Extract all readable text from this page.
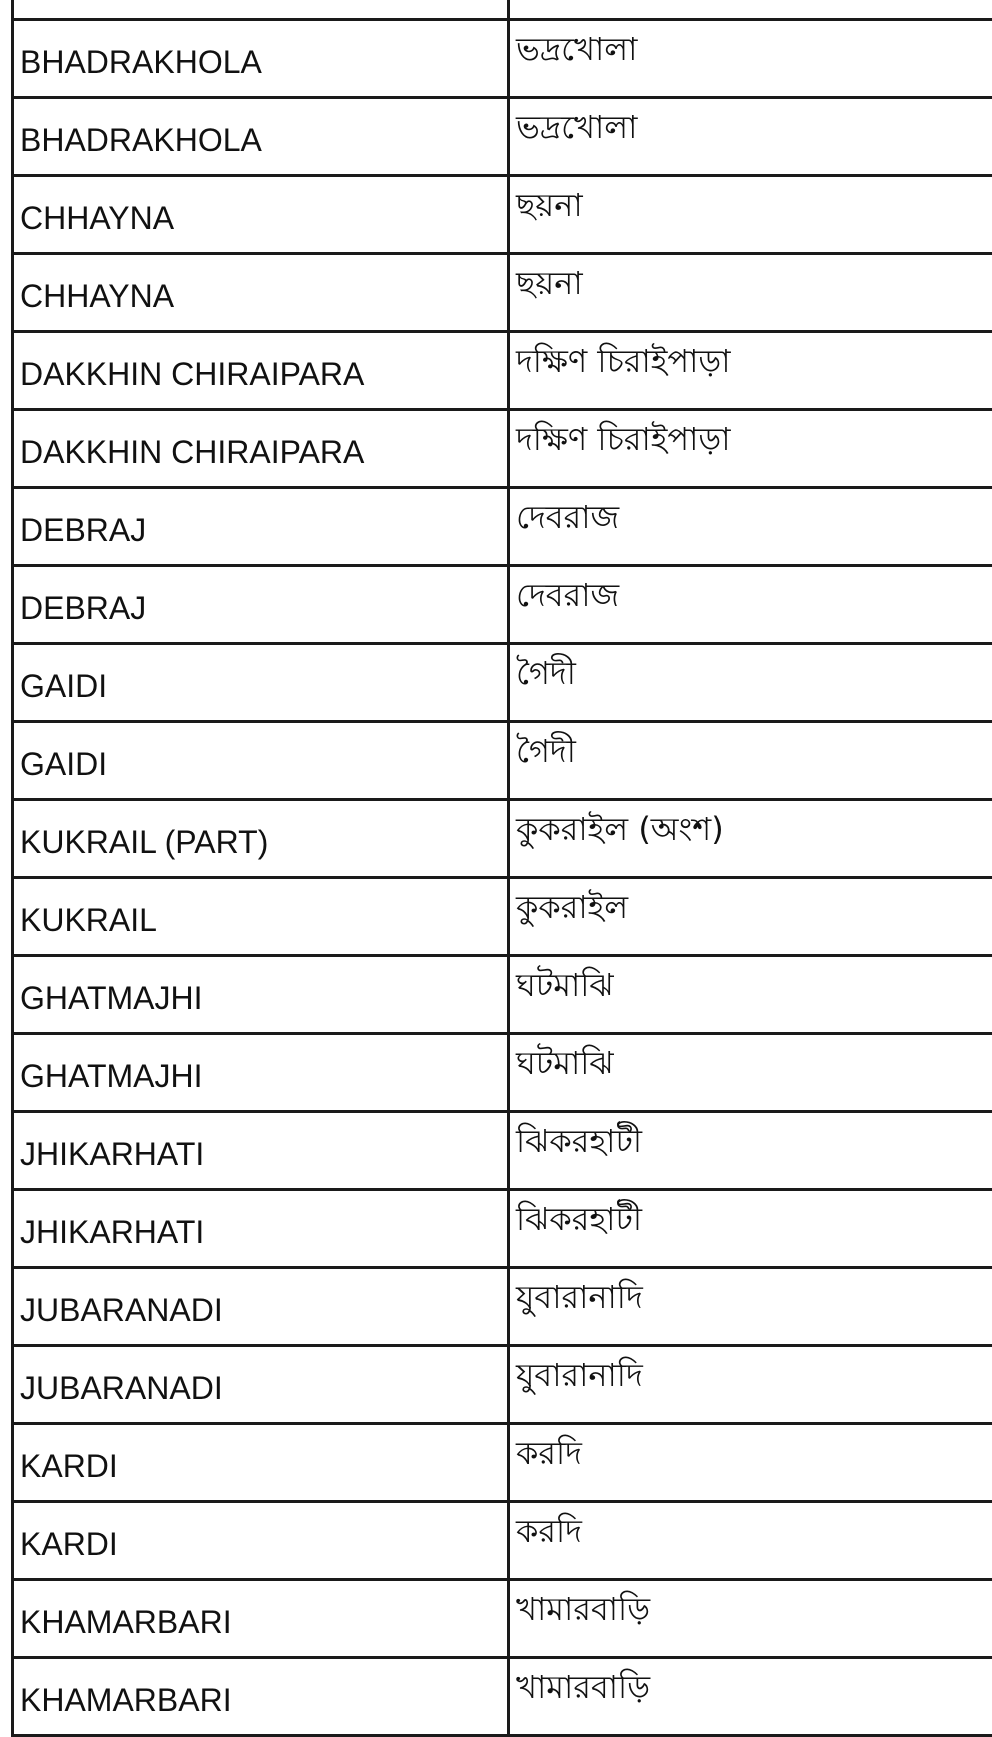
BHADRAKHOLA	ভদ্রখোলা	
BHADRAKHOLA	ভদ্রখোলা	
CHHAYNA	ছয়না	
CHHAYNA	ছয়না	
DAKKHIN CHIRAIPARA	দক্ষিণ চিরাইপাড়া	
DAKKHIN CHIRAIPARA	দক্ষিণ চিরাইপাড়া	
DEBRAJ	দেবরাজ	
DEBRAJ	দেবরাজ	
GAIDI	গৈদী	
GAIDI	গৈদী	
KUKRAIL (PART)	কুকরাইল (অংশ)	
KUKRAIL	কুকরাইল	
GHATMAJHI	ঘটমাঝি	
GHATMAJHI	ঘটমাঝি	
JHIKARHATI	ঝিকরহাটী	
JHIKARHATI	ঝিকরহাটী	
JUBARANADI	যুবারানাদি	
JUBARANADI	যুবারানাদি	
KARDI	করদি	
KARDI	করদি	
KHAMARBARI	খামারবাড়ি	
KHAMARBARI	খামারবাড়ি	
